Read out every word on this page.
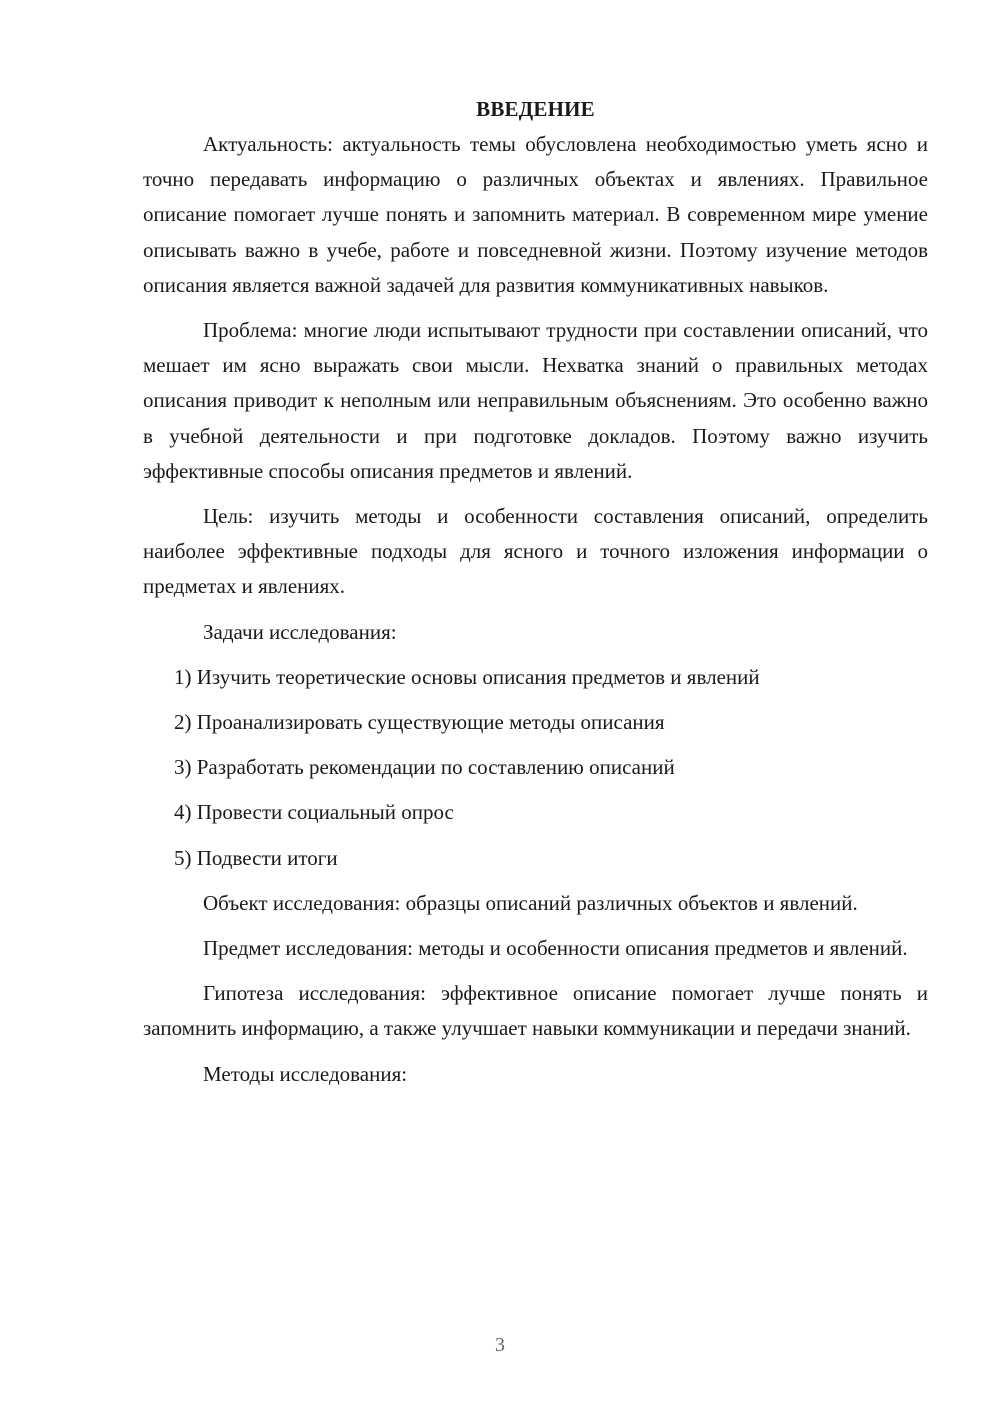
ВВЕДЕНИЕ

Актуальность: актуальность темы обусловлена необходимостью уметь ясно и точно передавать информацию о различных объектах и явлениях. Правильное описание помогает лучше понять и запомнить материал. В современном мире умение описывать важно в учебе, работе и повседневной жизни. Поэтому изучение методов описания является важной задачей для развития коммуникативных навыков.

Проблема: многие люди испытывают трудности при составлении описаний, что мешает им ясно выражать свои мысли. Нехватка знаний о правильных методах описания приводит к неполным или неправильным объяснениям. Это особенно важно в учебной деятельности и при подготовке докладов. Поэтому важно изучить эффективные способы описания предметов и явлений.

Цель: изучить методы и особенности составления описаний, определить наиболее эффективные подходы для ясного и точного изложения информации о предметах и явлениях.

Задачи исследования:

1) Изучить теоретические основы описания предметов и явлений
2) Проанализировать существующие методы описания
3) Разработать рекомендации по составлению описаний
4) Провести социальный опрос
5) Подвести итоги

Объект исследования: образцы описаний различных объектов и явлений.

Предмет исследования: методы и особенности описания предметов и явлений.

Гипотеза исследования: эффективное описание помогает лучше понять и запомнить информацию, а также улучшает навыки коммуникации и передачи знаний.

Методы исследования:

3
